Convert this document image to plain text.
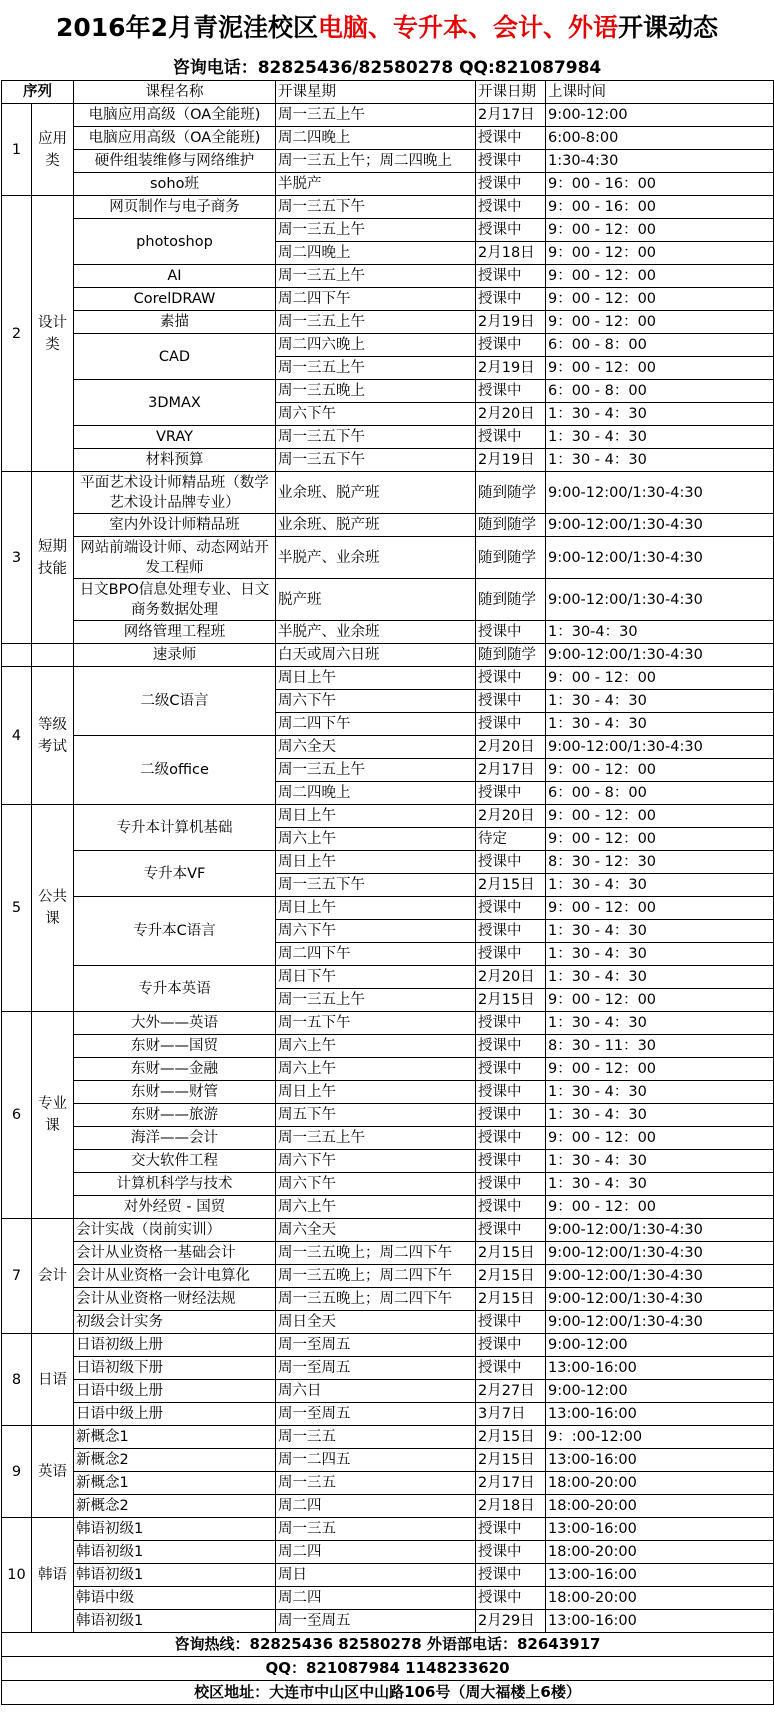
2016年2月青泥洼校区电脑、专升本、会计、外语开课动态
咨询电话：82825436/82580278 QQ:821087984
序列		课程名称	开课星期	开课日期	上课时间
1	应用类	电脑应用高级（OA全能班)	周一三五上午	2月17日	9:00-12:00
		电脑应用高级（OA全能班)	周二四晚上	授课中	6:00-8:00
		硬件组装维修与网络维护	周一三五上午；周二四晚上	授课中	1:30-4:30
		soho班	半脱产	授课中	9：00 - 16：00
2	设计类	网页制作与电子商务	周一三五下午	授课中	9：00 - 16：00
		photoshop	周一三五上午	授课中	9：00 - 12：00
			周二四晚上	2月18日	9：00 - 12：00
		AI	周一三五上午	授课中	9：00 - 12：00
		CorelDRAW	周二四下午	授课中	9：00 - 12：00
		素描	周一三五上午	2月19日	9：00 - 12：00
		CAD	周二四六晚上	授课中	6：00 - 8：00
			周一三五上午	2月19日	9：00 - 12：00
		3DMAX	周一三五晚上	授课中	6：00 - 8：00
			周六下午	2月20日	1：30 - 4：30
		VRAY	周一三五下午	授课中	1：30 - 4：30
		材料预算	周一三五下午	2月19日	1：30 - 4：30
3	短期技能	平面艺术设计师精品班（数学艺术设计品牌专业）	业余班、脱产班	随到随学	9:00-12:00/1:30-4:30
		室内外设计师精品班	业余班、脱产班	随到随学	9:00-12:00/1:30-4:30
		网站前端设计师、动态网站开发工程师	半脱产、业余班	随到随学	9:00-12:00/1:30-4:30
		日文BPO信息处理专业、日文商务数据处理	脱产班	随到随学	9:00-12:00/1:30-4:30
		网络管理工程班	半脱产、业余班	授课中	1：30-4：30
		速录师	白天或周六日班	随到随学	9:00-12:00/1:30-4:30
4	等级考试	二级C语言	周日上午	授课中	9：00 - 12：00
			周六下午	授课中	1：30 - 4：30
			周二四下午	授课中	1：30 - 4：30
		二级office	周六全天	2月20日	9:00-12:00/1:30-4:30
			周一三五上午	2月17日	9：00 - 12：00
			周二四晚上	授课中	6：00 - 8：00
5	公共课	专升本计算机基础	周日上午	2月20日	9：00 - 12：00
			周六上午	待定	9：00 - 12：00
		专升本VF	周日上午	授课中	8：30 - 12：30
			周一三五下午	2月15日	1：30 - 4：30
		专升本C语言	周日上午	授课中	9：00 - 12：00
			周六下午	授课中	1：30 - 4：30
			周二四下午	授课中	1：30 - 4：30
		专升本英语	周日下午	2月20日	1：30 - 4：30
			周一三五上午	2月15日	9：00 - 12：00
6	专业课	大外——英语	周一五下午	授课中	1：30 - 4：30
		东财——国贸	周六上午	授课中	8：30 - 11：30
		东财——金融	周六上午	授课中	9：00 - 12：00
		东财——财管	周日上午	授课中	1：30 - 4：30
		东财——旅游	周五下午	授课中	1：30 - 4：30
		海洋——会计	周一三五上午	授课中	9：00 - 12：00
		交大软件工程	周六下午	授课中	1：30 - 4：30
		计算机科学与技术	周六下午	授课中	1：30 - 4：30
		对外经贸 - 国贸	周六上午	授课中	9：00 - 12：00
7	会计	会计实战（岗前实训）	周六全天	授课中	9:00-12:00/1:30-4:30
		会计从业资格一基础会计	周一三五晚上；周二四下午	2月15日	9:00-12:00/1:30-4:30
		会计从业资格一会计电算化	周一三五晚上；周二四下午	2月15日	9:00-12:00/1:30-4:30
		会计从业资格一财经法规	周一三五晚上；周二四下午	2月15日	9:00-12:00/1:30-4:30
		初级会计实务	周日全天	授课中	9:00-12:00/1:30-4:30
8	日语	日语初级上册	周一至周五	授课中	9:00-12:00
		日语初级下册	周一至周五	授课中	13:00-16:00
		日语中级上册	周六日	2月27日	9:00-12:00
		日语中级上册	周一至周五	3月7日	13:00-16:00
9	英语	新概念1	周一三五	2月15日	9：:00-12:00
		新概念2	周一二四五	2月15日	13:00-16:00
		新概念1	周一三五	2月17日	18:00-20:00
		新概念2	周二四	2月18日	18:00-20:00
10	韩语	韩语初级1	周一三五	授课中	13:00-16:00
		韩语初级1	周二四	授课中	18:00-20:00
		韩语初级1	周日	授课中	13:00-16:00
		韩语中级	周二四	授课中	18:00-20:00
		韩语初级1	周一至周五	2月29日	13:00-16:00
咨询热线：82825436 82580278 外语部电话：82643917					
QQ：821087984 1148233620					
校区地址：大连市中山区中山路106号（周大福楼上6楼）					
